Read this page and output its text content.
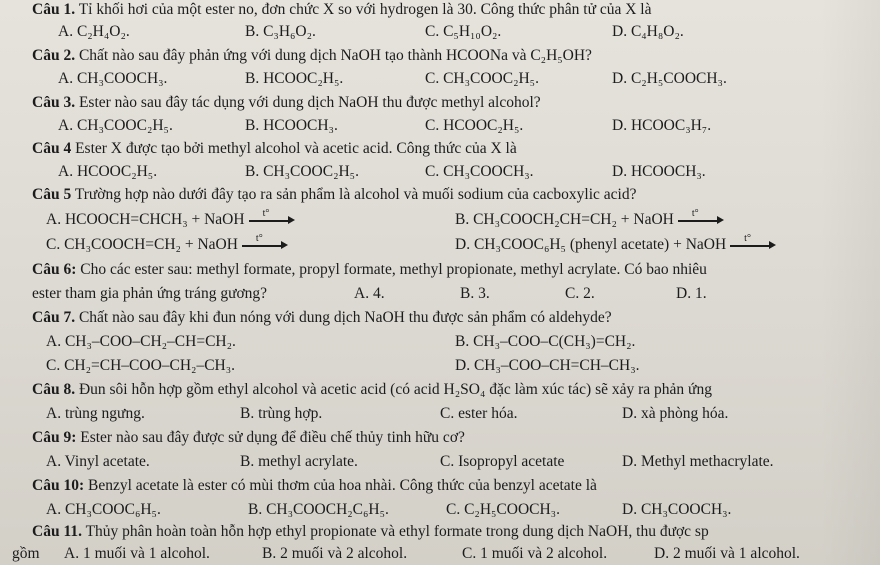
Câu 1. Tỉ khối hơi của một ester no, đơn chức X so với hydrogen là 30. Công thức phân tử của X là
A. C₂H₄O₂.	B. C₃H₆O₂.	C. C₅H₁₀O₂.	D. C₄H₈O₂.
Câu 2. Chất nào sau đây phản ứng với dung dịch NaOH tạo thành HCOONa và C₂H₅OH?
A. CH₃COOCH₃.	B. HCOOC₂H₅.	C. CH₃COOC₂H₅.	D. C₂H₅COOCH₃.
Câu 3. Ester nào sau đây tác dụng với dung dịch NaOH thu được methyl alcohol?
A. CH₃COOC₂H₅.	B. HCOOCH₃.	C. HCOOC₂H₅.	D. HCOOC₃H₇.
Câu 4 Ester X được tạo bởi methyl alcohol và acetic acid. Công thức của X là
A. HCOOC₂H₅.	B. CH₃COOC₂H₅.	C. CH₃COOCH₃.	D. HCOOCH₃.
Câu 5 Trường hợp nào dưới đây tạo ra sản phẩm là alcohol và muối sodium của cacboxylic acid?
A. HCOOCH=CHCH₃ + NaOH t°	B. CH₃COOCH₂CH=CH₂ + NaOH t°
C. CH₃COOCH=CH₂ + NaOH t°	D. CH₃COOC₆H₅ (phenyl acetate) + NaOH t°
Câu 6: Cho các ester sau: methyl formate, propyl formate, methyl propionate, methyl acrylate. Có bao nhiêu
ester tham gia phản ứng tráng gương?	A. 4.	B. 3.	C. 2.	D. 1.
Câu 7. Chất nào sau đây khi đun nóng với dung dịch NaOH thu được sản phẩm có aldehyde?
A. CH₃–COO–CH₂–CH=CH₂.	B. CH₃–COO–C(CH₃)=CH₂.
C. CH₂=CH–COO–CH₂–CH₃.	D. CH₃–COO–CH=CH–CH₃.
Câu 8. Đun sôi hỗn hợp gồm ethyl alcohol và acetic acid (có acid H₂SO₄ đặc làm xúc tác) sẽ xảy ra phản ứng
A. trùng ngưng.	B. trùng hợp.	C. ester hóa.	D. xà phòng hóa.
Câu 9: Ester nào sau đây được sử dụng để điều chế thủy tinh hữu cơ?
A. Vinyl acetate.	B. methyl acrylate.	C. Isopropyl acetate	D. Methyl methacrylate.
Câu 10: Benzyl acetate là ester có mùi thơm của hoa nhài. Công thức của benzyl acetate là
A. CH₃COOC₆H₅.	B. CH₃COOCH₂C₆H₅.	C. C₂H₅COOCH₃.	D. CH₃COOCH₃.
Câu 11. Thủy phân hoàn toàn hỗn hợp ethyl propionate và ethyl formate trong dung dịch NaOH, thu được sp
gồm A. 1 muối và 1 alcohol.	B. 2 muối và 2 alcohol.	C. 1 muối và 2 alcohol.	D. 2 muối và 1 alcohol.
